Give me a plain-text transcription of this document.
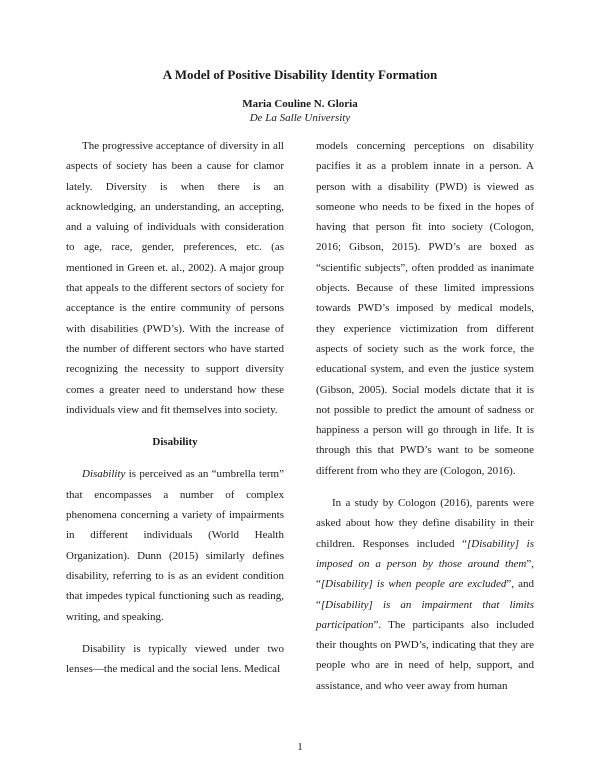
A Model of Positive Disability Identity Formation
Maria Couline N. Gloria
De La Salle University

The progressive acceptance of diversity in all aspects of society has been a cause for clamor lately. Diversity is when there is an acknowledging, an understanding, an accepting, and a valuing of individuals with consideration to age, race, gender, preferences, etc. (as mentioned in Green et. al., 2002). A major group that appeals to the different sectors of society for acceptance is the entire community of persons with disabilities (PWD’s). With the increase of the number of different sectors who have started recognizing the necessity to support diversity comes a greater need to understand how these individuals view and fit themselves into society.

Disability

Disability is perceived as an “umbrella term” that encompasses a number of complex phenomena concerning a variety of impairments in different individuals (World Health Organization). Dunn (2015) similarly defines disability, referring to is as an evident condition that impedes typical functioning such as reading, writing, and speaking.

Disability is typically viewed under two lenses—the medical and the social lens. Medical

models concerning perceptions on disability pacifies it as a problem innate in a person. A person with a disability (PWD) is viewed as someone who needs to be fixed in the hopes of having that person fit into society (Cologon, 2016; Gibson, 2015). PWD’s are boxed as “scientific subjects”, often prodded as inanimate objects. Because of these limited impressions towards PWD’s imposed by medical models, they experience victimization from different aspects of society such as the work force, the educational system, and even the justice system (Gibson, 2005). Social models dictate that it is not possible to predict the amount of sadness or happiness a person will go through in life. It is through this that PWD’s want to be someone different from who they are (Cologon, 2016).

In a study by Cologon (2016), parents were asked about how they define disability in their children. Responses included “[Disability] is imposed on a person by those around them”, “[Disability] is when people are excluded”, and “[Disability] is an impairment that limits participation”. The participants also included their thoughts on PWD’s, indicating that they are people who are in need of help, support, and assistance, and who veer away from human

1
